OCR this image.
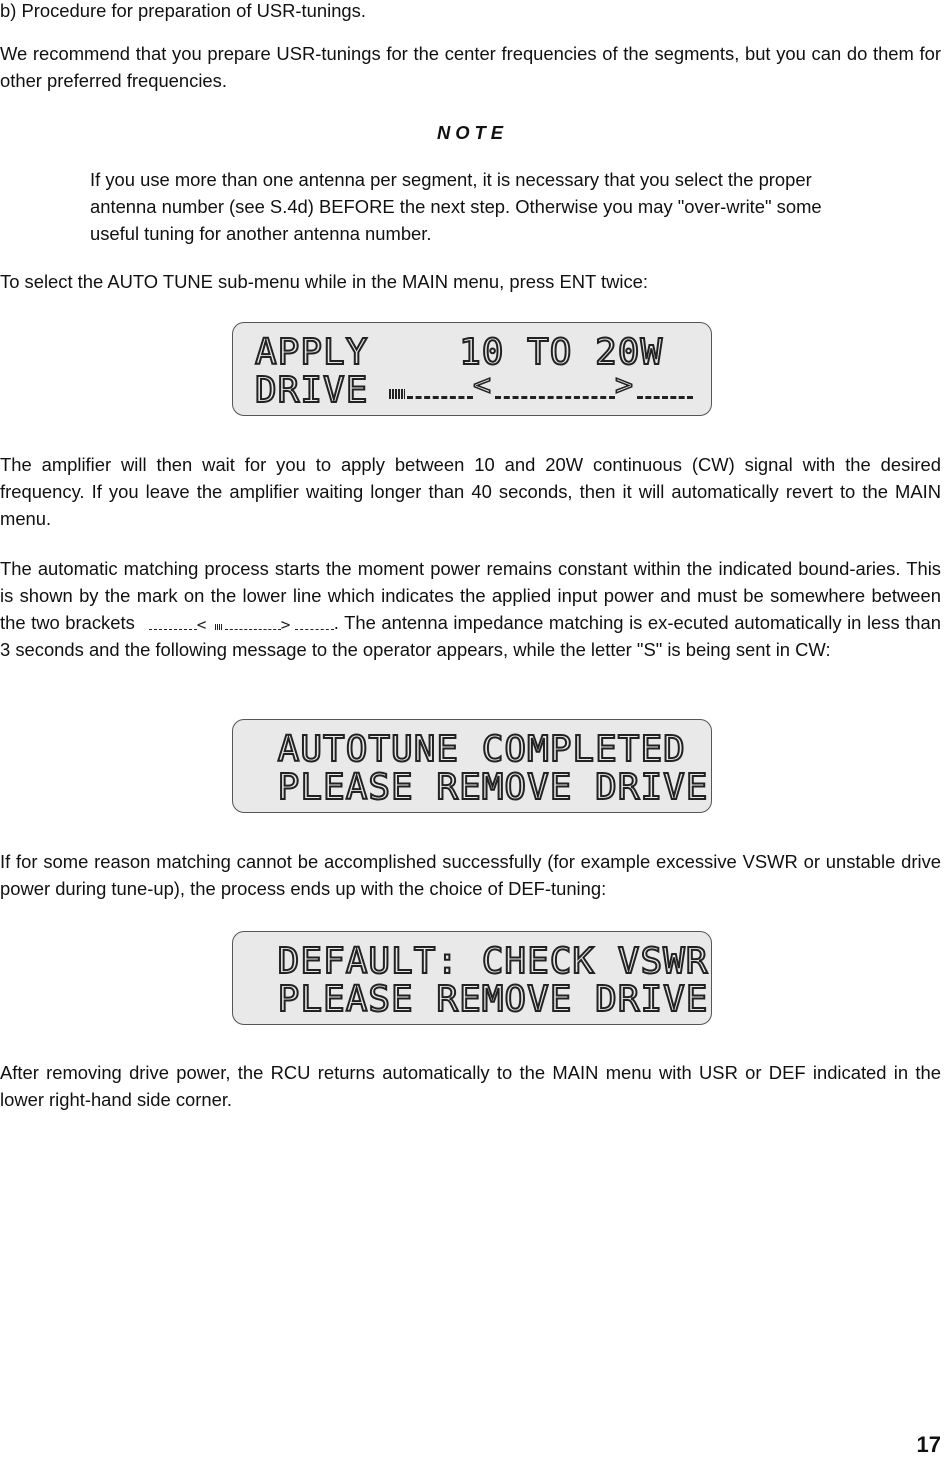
b) Procedure for preparation of USR-tunings.

We recommend that you prepare USR-tunings for the center frequencies of the segments, but you can do them for other preferred frequencies.

NOTE

If you use more than one antenna per segment, it is necessary that you select the proper antenna number (see S.4d) BEFORE the next step. Otherwise you may "over-write" some useful tuning for another antenna number.

To select the AUTO TUNE sub-menu while in the MAIN menu, press ENT twice:

APPLY    10 TO 20W
DRIVE	<	>

The amplifier will then wait for you to apply between 10 and 20W continuous (CW) signal with the desired frequency. If you leave the amplifier waiting longer than 40 seconds, then it will automatically revert to the MAIN menu.

The automatic matching process starts the moment power remains constant within the indicated bound-aries. This is shown by the mark on the lower line which indicates the applied input power and must be somewhere between the two brackets	<	> . The antenna impedance matching is ex-ecuted automatically in less than 3 seconds and the following message to the operator appears, while the letter "S" is being sent in CW:

AUTOTUNE COMPLETED
PLEASE REMOVE DRIVE

If for some reason matching cannot be accomplished successfully (for example excessive VSWR or unstable drive power during tune-up), the process ends up with the choice of DEF-tuning:

DEFAULT: CHECK VSWR
PLEASE REMOVE DRIVE

After removing drive power, the RCU returns automatically to the MAIN menu with USR or DEF indicated in the lower right-hand side corner.

17
